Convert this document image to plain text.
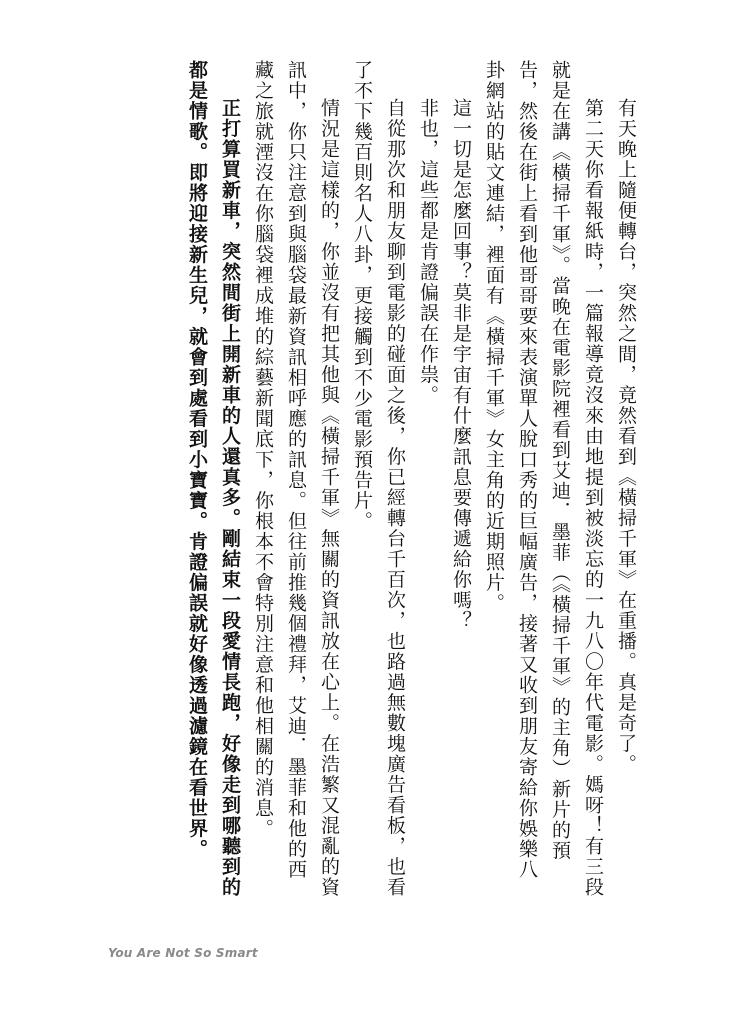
有天晚上隨便轉台，突然之間，竟然看到《橫掃千軍》在重播。真是奇了。

第二天你看報紙時，一篇報導竟沒來由地提到被淡忘的一九八〇年代電影。媽呀！有三段就是在講《橫掃千軍》。當晚在電影院裡看到艾迪．墨菲（《橫掃千軍》的主角）新片的預告，然後在街上看到他哥哥要來表演單人脫口秀的巨幅廣告，接著又收到朋友寄給你娛樂八卦網站的貼文連結，裡面有《橫掃千軍》女主角的近期照片。

這一切是怎麼回事？莫非是宇宙有什麼訊息要傳遞給你嗎？

非也，這些都是肯證偏誤在作祟。

自從那次和朋友聊到電影的碰面之後，你已經轉台千百次，也路過無數塊廣告看板，也看了不下幾百則名人八卦，更接觸到不少電影預告片。

情況是這樣的，你並沒有把其他與《橫掃千軍》無關的資訊放在心上。在浩繁又混亂的資訊中，你只注意到與腦袋最新資訊相呼應的訊息。但往前推幾個禮拜，艾迪．墨菲和他的西藏之旅就湮沒在你腦袋裡成堆的綜藝新聞底下，你根本不會特別注意和他相關的消息。

正打算買新車，突然間街上開新車的人還真多。剛結束一段愛情長跑，好像走到哪聽到的都是情歌。即將迎接新生兒，就會到處看到小寶寶。肯證偏誤就好像透過濾鏡在看世界。

You Are Not So Smart
